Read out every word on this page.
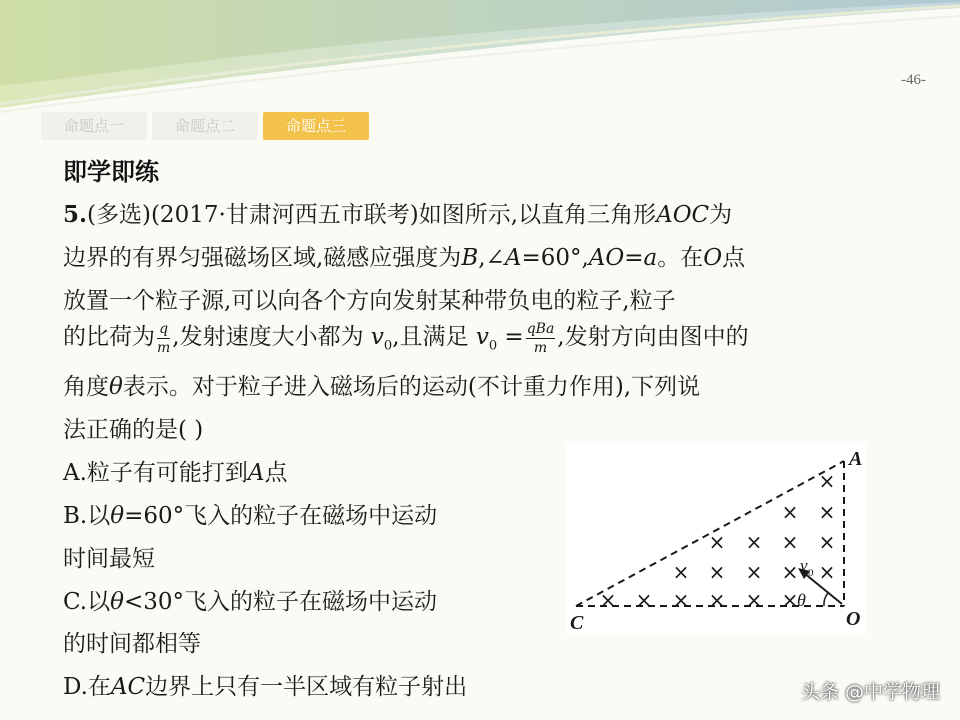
-46-
命题点一	命题点二	命题点三
即学即练
5.(多选)(2017·甘肃河西五市联考)如图所示,以直角三角形AOC为
边界的有界匀强磁场区域,磁感应强度为B,∠A=60°,AO=a。在O点
放置一个粒子源,可以向各个方向发射某种带负电的粒子,粒子
的比荷为 $\frac{q}{m}$ ,发射速度大小都为 $v_0$,且满足 $v_0 = \frac{\text{qBa}}{m}$ ,发射方向由图中的
角度θ表示。对于粒子进入磁场后的运动(不计重力作用),下列说
法正确的是( )
A.粒子有可能打到A点
B.以θ=60°飞入的粒子在磁场中运动
时间最短
C.以θ<30°飞入的粒子在磁场中运动
的时间都相等
D.在AC边界上只有一半区域有粒子射出
×
× ×
× × × ×
× × × × ×
× × × × × ×
A
C	O
θ
v 0
头条 @中学物理
